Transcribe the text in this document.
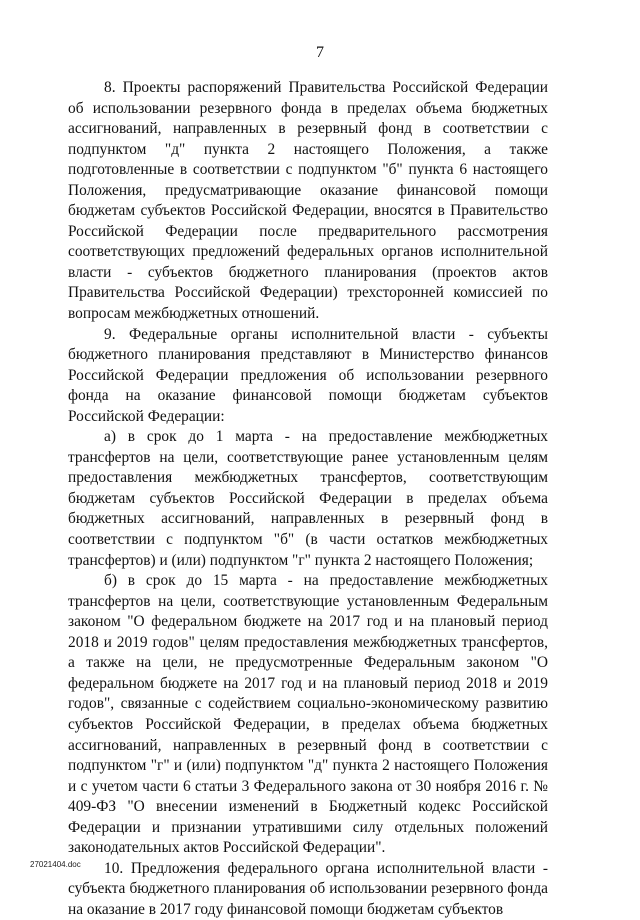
7

8. Проекты распоряжений Правительства Российской Федерации об использовании резервного фонда в пределах объема бюджетных ассигнований, направленных в резервный фонд в соответствии с подпунктом "д" пункта 2 настоящего Положения, а также подготовленные в соответствии с подпунктом "б" пункта 6 настоящего Положения, предусматривающие оказание финансовой помощи бюджетам субъектов Российской Федерации, вносятся в Правительство Российской Федерации после предварительного рассмотрения соответствующих предложений федеральных органов исполнительной власти - субъектов бюджетного планирования (проектов актов Правительства Российской Федерации) трехсторонней комиссией по вопросам межбюджетных отношений.

9. Федеральные органы исполнительной власти - субъекты бюджетного планирования представляют в Министерство финансов Российской Федерации предложения об использовании резервного фонда на оказание финансовой помощи бюджетам субъектов Российской Федерации:

а) в срок до 1 марта - на предоставление межбюджетных трансфертов на цели, соответствующие ранее установленным целям предоставления межбюджетных трансфертов, соответствующим бюджетам субъектов Российской Федерации в пределах объема бюджетных ассигнований, направленных в резервный фонд в соответствии с подпунктом "б" (в части остатков межбюджетных трансфертов) и (или) подпунктом "г" пункта 2 настоящего Положения;

б) в срок до 15 марта - на предоставление межбюджетных трансфертов на цели, соответствующие установленным Федеральным законом "О федеральном бюджете на 2017 год и на плановый период 2018 и 2019 годов" целям предоставления межбюджетных трансфертов, а также на цели, не предусмотренные Федеральным законом "О федеральном бюджете на 2017 год и на плановый период 2018 и 2019 годов", связанные с содействием социально-экономическому развитию субъектов Российской Федерации, в пределах объема бюджетных ассигнований, направленных в резервный фонд в соответствии с подпунктом "г" и (или) подпунктом "д" пункта 2 настоящего Положения и с учетом части 6 статьи 3 Федерального закона от 30 ноября 2016 г. № 409-ФЗ "О внесении изменений в Бюджетный кодекс Российской Федерации и признании утратившими силу отдельных положений законодательных актов Российской Федерации".

10. Предложения федерального органа исполнительной власти - субъекта бюджетного планирования об использовании резервного фонда на оказание в 2017 году финансовой помощи бюджетам субъектов

27021404.doc
